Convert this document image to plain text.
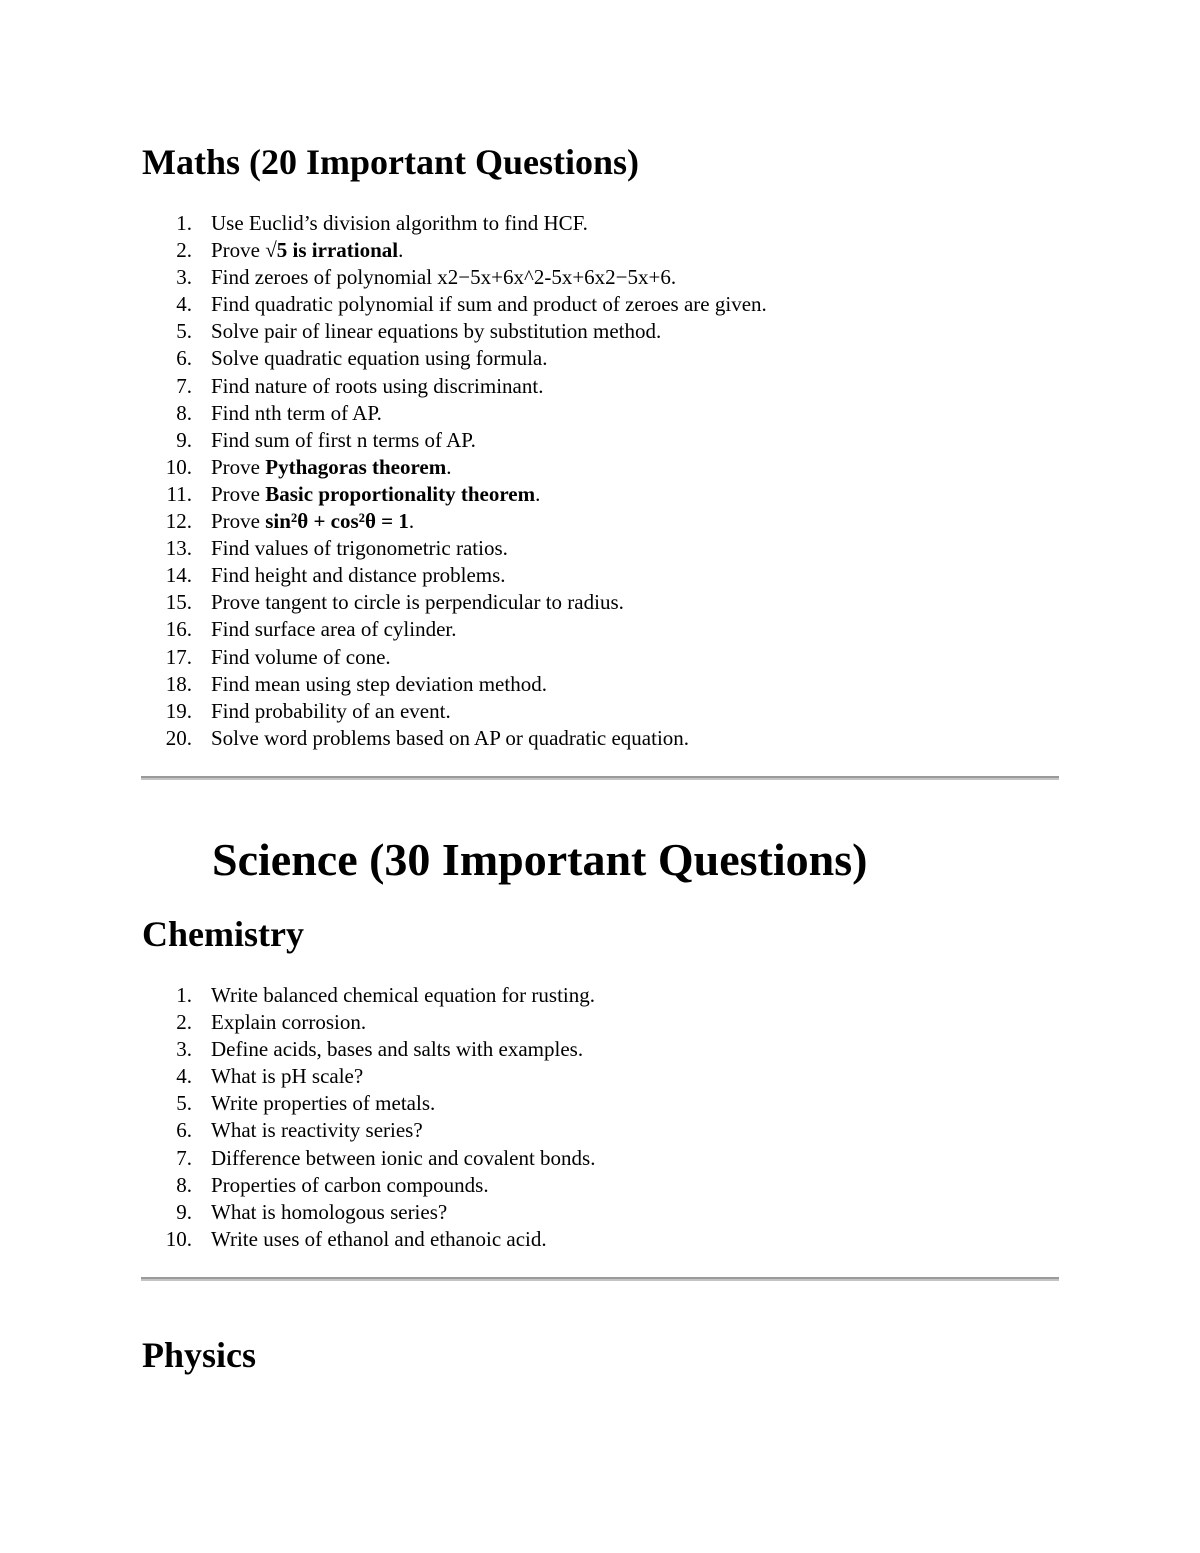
Maths (20 Important Questions)
1. Use Euclid’s division algorithm to find HCF.
2. Prove √5 is irrational.
3. Find zeroes of polynomial x2−5x+6x^2-5x+6x2−5x+6.
4. Find quadratic polynomial if sum and product of zeroes are given.
5. Solve pair of linear equations by substitution method.
6. Solve quadratic equation using formula.
7. Find nature of roots using discriminant.
8. Find nth term of AP.
9. Find sum of first n terms of AP.
10. Prove Pythagoras theorem.
11. Prove Basic proportionality theorem.
12. Prove sin²θ + cos²θ = 1.
13. Find values of trigonometric ratios.
14. Find height and distance problems.
15. Prove tangent to circle is perpendicular to radius.
16. Find surface area of cylinder.
17. Find volume of cone.
18. Find mean using step deviation method.
19. Find probability of an event.
20. Solve word problems based on AP or quadratic equation.
Science (30 Important Questions)
Chemistry
1. Write balanced chemical equation for rusting.
2. Explain corrosion.
3. Define acids, bases and salts with examples.
4. What is pH scale?
5. Write properties of metals.
6. What is reactivity series?
7. Difference between ionic and covalent bonds.
8. Properties of carbon compounds.
9. What is homologous series?
10. Write uses of ethanol and ethanoic acid.
Physics
